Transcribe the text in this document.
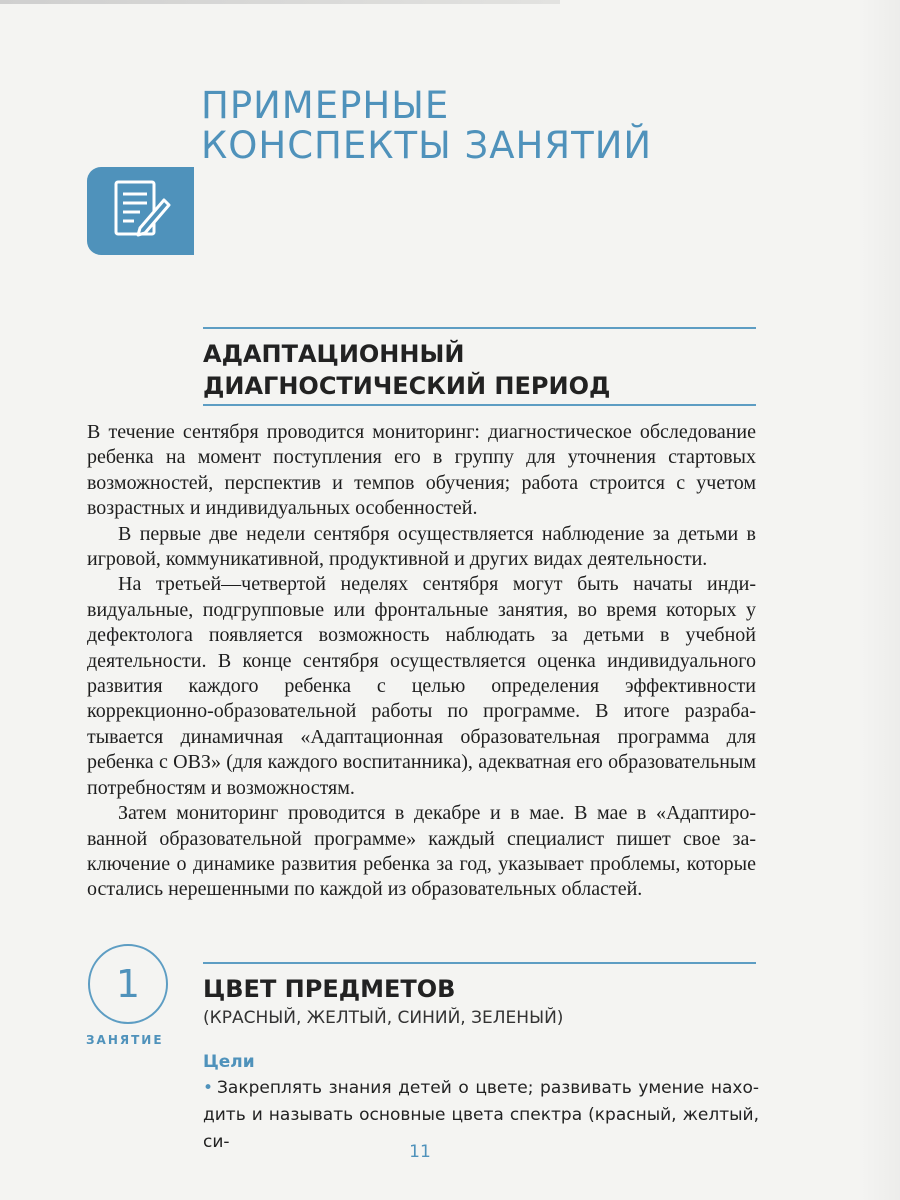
ПРИМЕРНЫЕ
КОНСПЕКТЫ ЗАНЯТИЙ
АДАПТАЦИОННЫЙ
ДИАГНОСТИЧЕСКИЙ ПЕРИОД

В течение сентября проводится мониторинг: диагностическое обследование ребенка на момент поступления его в группу для уточнения стартовых возможностей, перспектив и темпов обучения; работа строится с учетом возрастных и индивидуальных особенностей.

В первые две недели сентября осуществляется наблюдение за детьми в игровой, коммуникативной, продуктивной и других видах деятельности.

На третьей—четвертой неделях сентября могут быть начаты индивидуальные, подгрупповые или фронтальные занятия, во время которых у дефектолога появляется возможность наблюдать за детьми в учебной деятельности. В конце сентября осуществляется оценка индивидуального развития каждого ребенка с целью определения эффективности коррекционно-образовательной работы по программе. В итоге разрабатывается динамичная «Адаптационная образовательная программа для ребенка с ОВЗ» (для каждого воспитанника), адекватная его образовательным потребностям и возможностям.

Затем мониторинг проводится в декабре и в мае. В мае в «Адаптированной образовательной программе» каждый специалист пишет свое заключение о динамике развития ребенка за год, указывает проблемы, которые остались нерешенными по каждой из образовательных областей.

1
ЗАНЯТИЕ
ЦВЕТ ПРЕДМЕТОВ
(КРАСНЫЙ, ЖЕЛТЫЙ, СИНИЙ, ЗЕЛЕНЫЙ)
Цели
• Закреплять знания детей о цвете; развивать умение находить и называть основные цвета спектра (красный, желтый, си-	11
